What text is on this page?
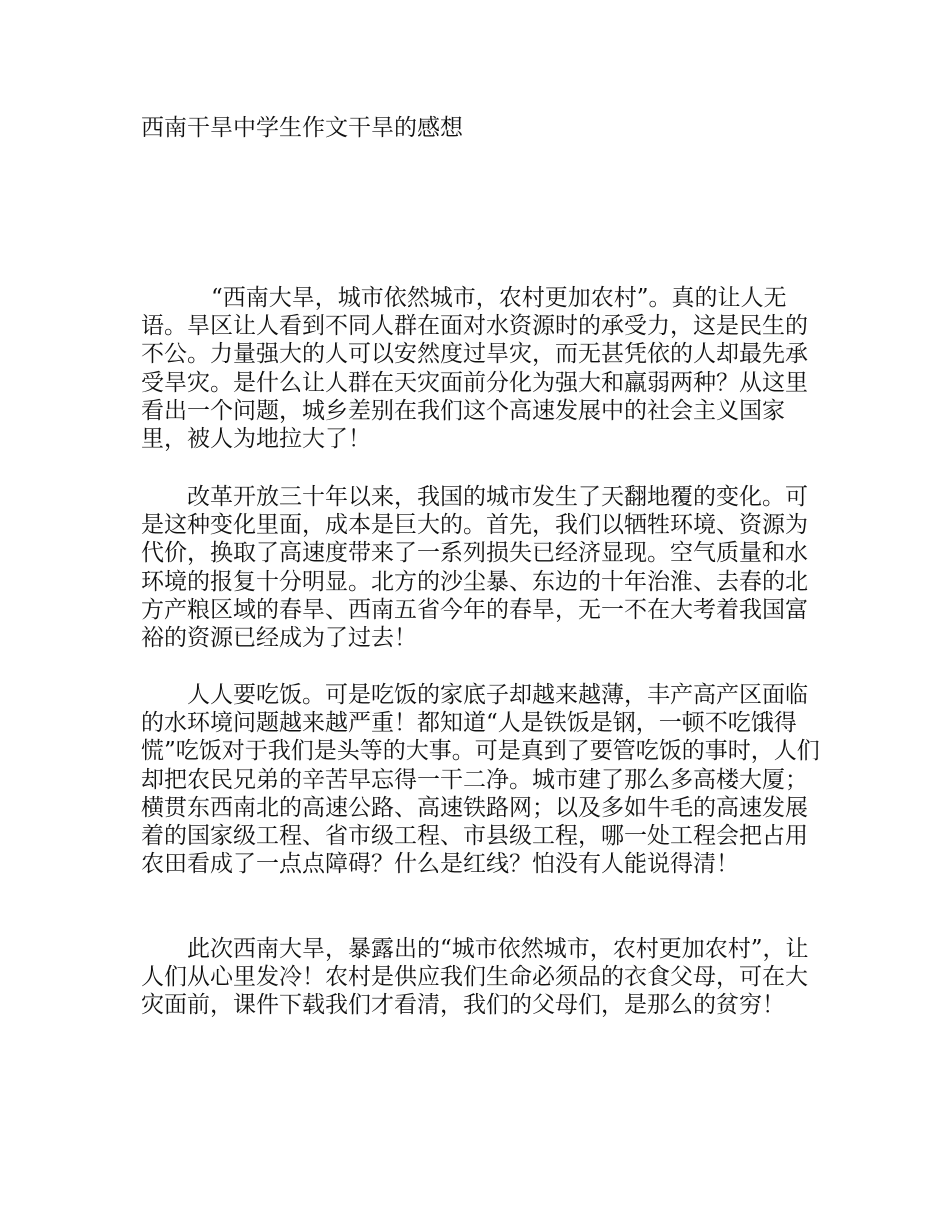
西南干旱中学生作文干旱的感想

“西南大旱，城市依然城市，农村更加农村”。真的让人无语。旱区让人看到不同人群在面对水资源时的承受力，这是民生的不公。力量强大的人可以安然度过旱灾，而无甚凭依的人却最先承受旱灾。是什么让人群在天灾面前分化为强大和羸弱两种？从这里看出一个问题，城乡差别在我们这个高速发展中的社会主义国家里，被人为地拉大了！

改革开放三十年以来，我国的城市发生了天翻地覆的变化。可是这种变化里面，成本是巨大的。首先，我们以牺牲环境、资源为代价，换取了高速度带来了一系列损失已经济显现。空气质量和水环境的报复十分明显。北方的沙尘暴、东边的十年治淮、去春的北方产粮区域的春旱、西南五省今年的春旱，无一不在大考着我国富裕的资源已经成为了过去！

人人要吃饭。可是吃饭的家底子却越来越薄，丰产高产区面临的水环境问题越来越严重！都知道“人是铁饭是钢，一顿不吃饿得慌”吃饭对于我们是头等的大事。可是真到了要管吃饭的事时，人们却把农民兄弟的辛苦早忘得一干二净。城市建了那么多高楼大厦；横贯东西南北的高速公路、高速铁路网；以及多如牛毛的高速发展着的国家级工程、省市级工程、市县级工程，哪一处工程会把占用农田看成了一点点障碍？什么是红线？怕没有人能说得清！

此次西南大旱，暴露出的“城市依然城市，农村更加农村”，让人们从心里发冷！农村是供应我们生命必须品的衣食父母，可在大灾面前，课件下载我们才看清，我们的父母们，是那么的贫穷！
